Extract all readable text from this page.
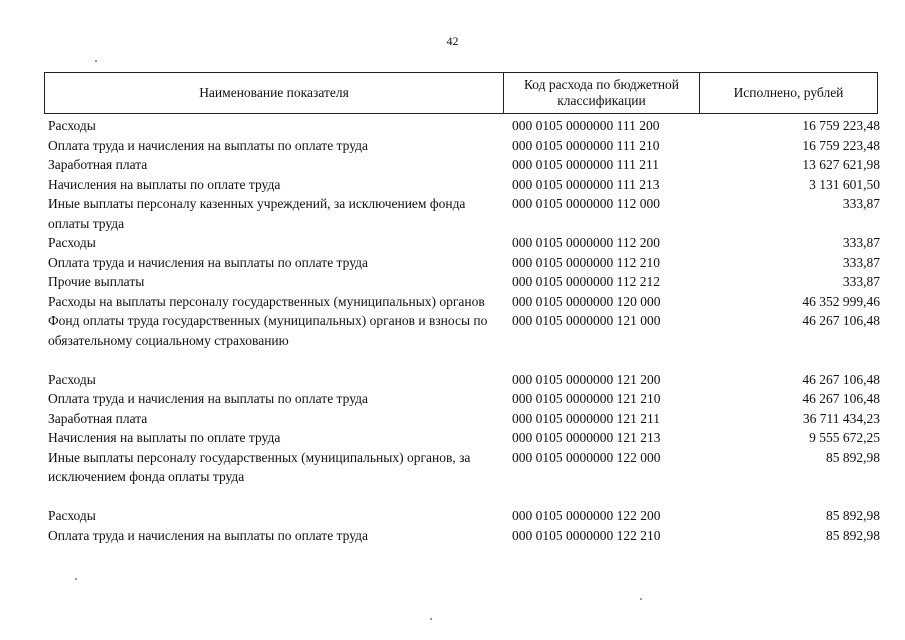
42
Наименование показателя
Код расхода по бюджетной классификации
Исполнено, рублей
Расходы	000 0105 0000000 111 200	16 759 223,48
Оплата труда и начисления на выплаты по оплате труда	000 0105 0000000 111 210	16 759 223,48
Заработная плата	000 0105 0000000 111 211	13 627 621,98
Начисления на выплаты по оплате труда	000 0105 0000000 111 213	3 131 601,50
Иные выплаты персоналу казенных учреждений, за исключением фонда оплаты труда
000 0105 0000000 112 000	333,87
Расходы	000 0105 0000000 112 200	333,87
Оплата труда и начисления на выплаты по оплате труда	000 0105 0000000 112 210	333,87
Прочие выплаты	000 0105 0000000 112 212	333,87
Расходы на выплаты персоналу государственных (муниципальных) органов	000 0105 0000000 120 000	46 352 999,46
Фонд оплаты труда государственных (муниципальных) органов и взносы по обязательному социальному страхованию
000 0105 0000000 121 000	46 267 106,48
Расходы	000 0105 0000000 121 200	46 267 106,48
Оплата труда и начисления на выплаты по оплате труда	000 0105 0000000 121 210	46 267 106,48
Заработная плата	000 0105 0000000 121 211	36 711 434,23
Начисления на выплаты по оплате труда	000 0105 0000000 121 213	9 555 672,25
Иные выплаты персоналу государственных (муниципальных) органов, за исключением фонда оплаты труда
000 0105 0000000 122 000	85 892,98
Расходы	000 0105 0000000 122 200	85 892,98
Оплата труда и начисления на выплаты по оплате труда	000 0105 0000000 122 210	85 892,98
